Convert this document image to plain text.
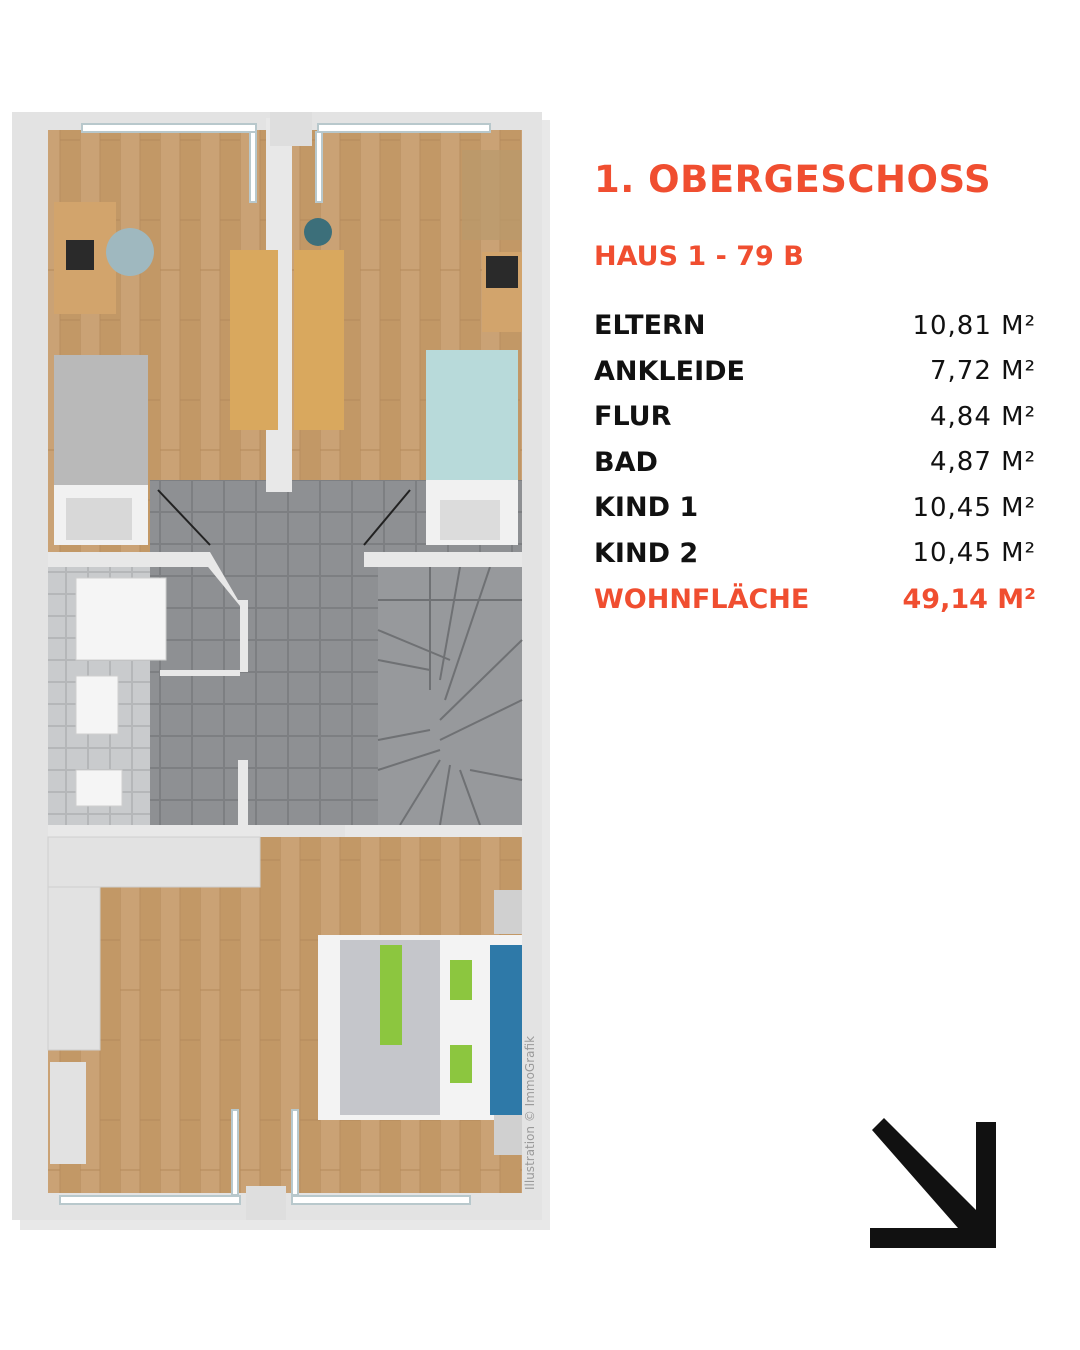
Illustration © ImmoGrafik
1. OBERGESCHOSS
HAUS 1 - 79 B
ELTERN	10,81 M²
ANKLEIDE	7,72 M²
FLUR	4,84 M²
BAD	4,87 M²
KIND 1	10,45 M²
KIND 2	10,45 M²
WOHNFLÄCHE	49,14 M²
